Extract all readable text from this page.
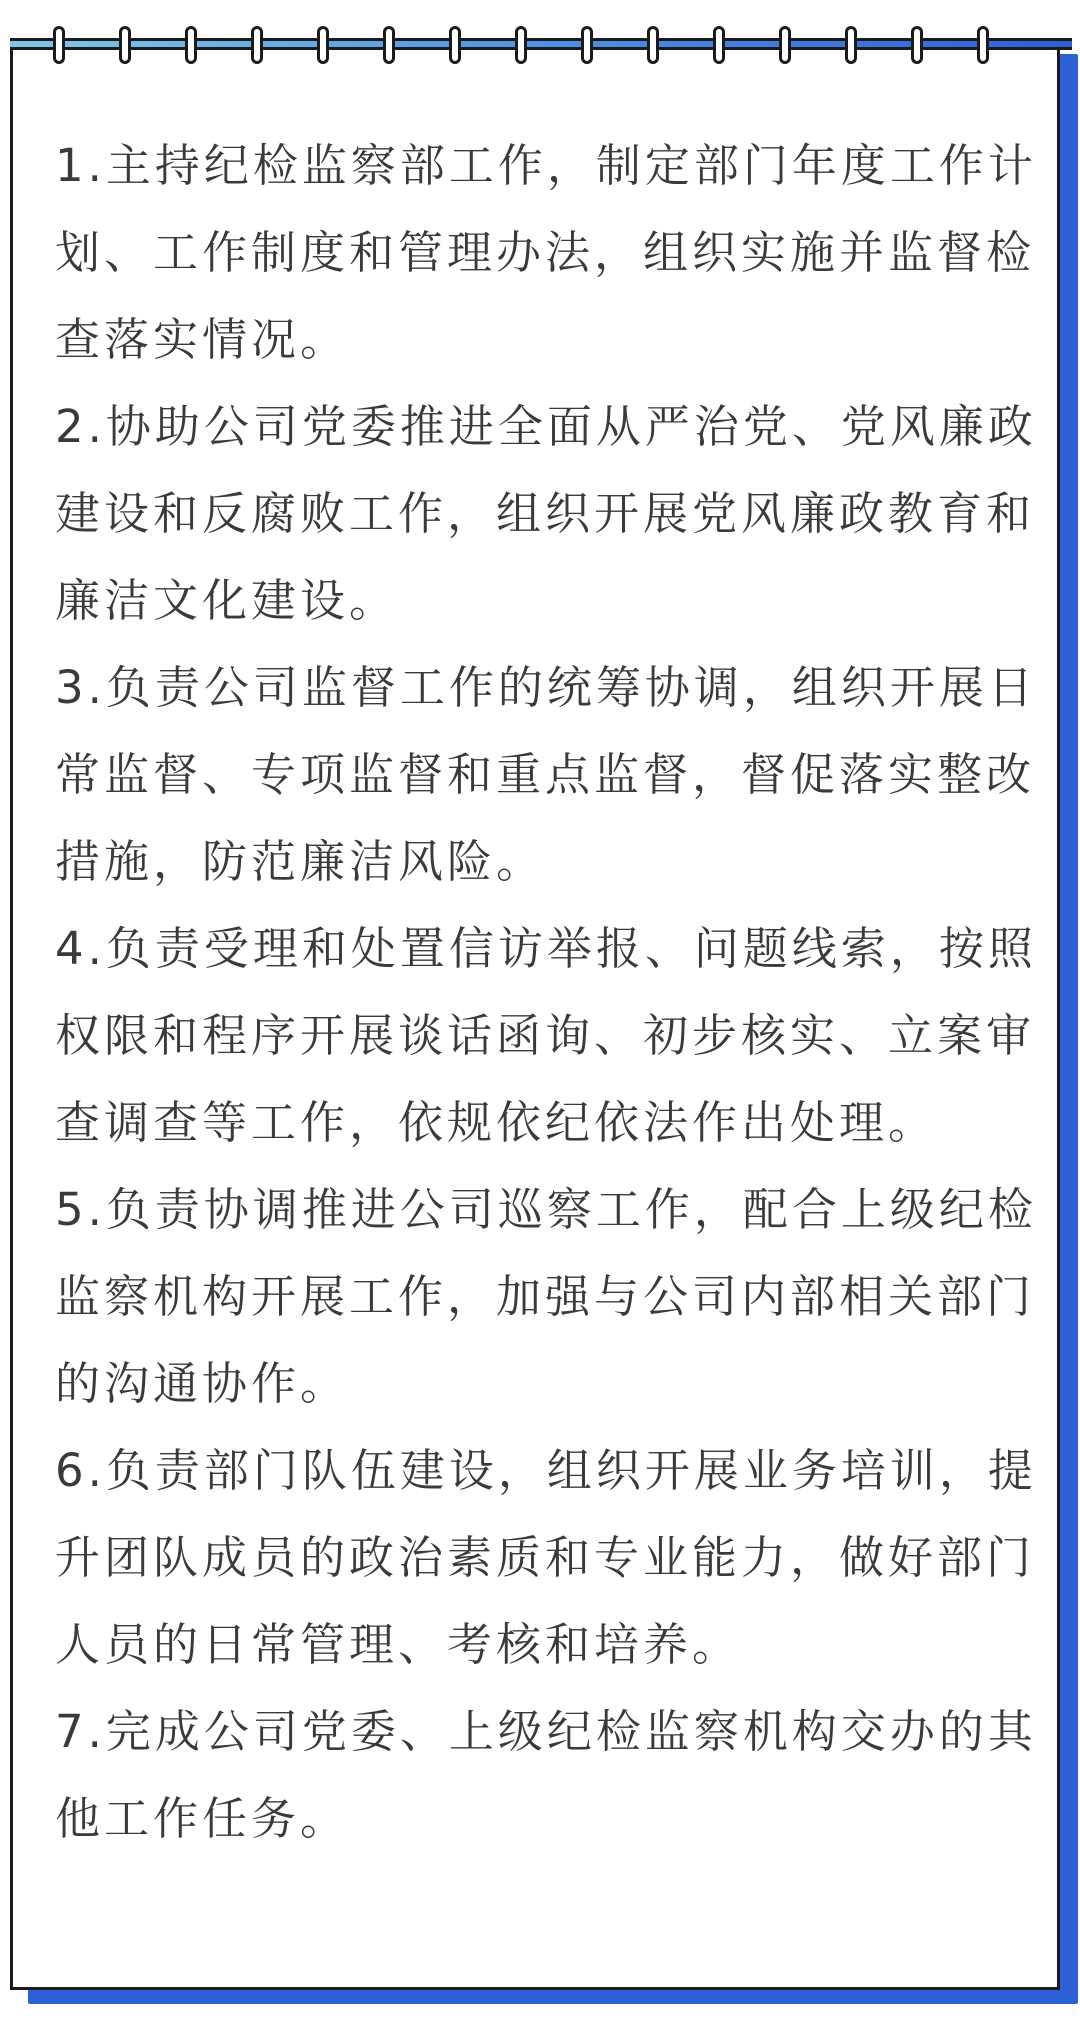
1.主持纪检监察部工作，制定部门年度工作计划、工作制度和管理办法，组织实施并监督检查落实情况。

2.协助公司党委推进全面从严治党、党风廉政建设和反腐败工作，组织开展党风廉政教育和廉洁文化建设。

3.负责公司监督工作的统筹协调，组织开展日常监督、专项监督和重点监督，督促落实整改措施，防范廉洁风险。

4.负责受理和处置信访举报、问题线索，按照权限和程序开展谈话函询、初步核实、立案审查调查等工作，依规依纪依法作出处理。

5.负责协调推进公司巡察工作，配合上级纪检监察机构开展工作，加强与公司内部相关部门的沟通协作。

6.负责部门队伍建设，组织开展业务培训，提升团队成员的政治素质和专业能力，做好部门人员的日常管理、考核和培养。

7.完成公司党委、上级纪检监察机构交办的其他工作任务。
